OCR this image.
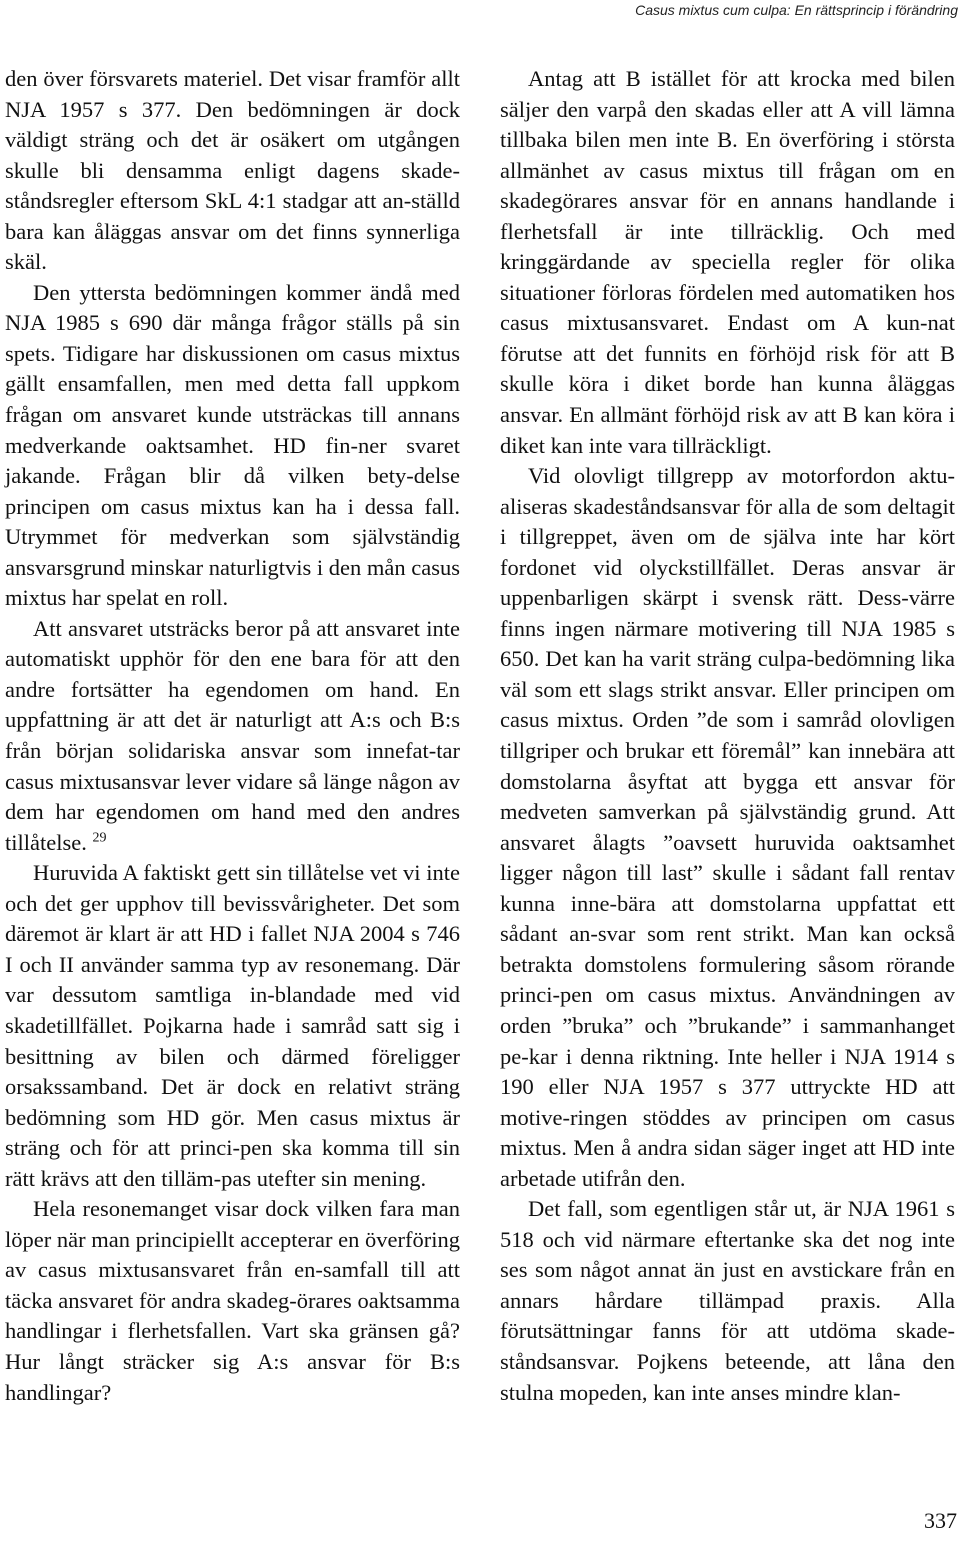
Casus mixtus cum culpa: En rättsprincip i förändring

den över försvarets materiel. Det visar framför allt NJA 1957 s 377. Den bedömningen är dock väldigt sträng och det är osäkert om utgången skulle bli densamma enligt dagens skade-ståndsregler eftersom SkL 4:1 stadgar att an-ställd bara kan åläggas ansvar om det finns synnerliga skäl.

Den yttersta bedömningen kommer ändå med NJA 1985 s 690 där många frågor ställs på sin spets. Tidigare har diskussionen om casus mixtus gällt ensamfallen, men med detta fall uppkom frågan om ansvaret kunde utsträckas till annans medverkande oaktsamhet. HD fin-ner svaret jakande. Frågan blir då vilken bety-delse principen om casus mixtus kan ha i dessa fall. Utrymmet för medverkan som självständig ansvarsgrund minskar naturligtvis i den mån casus mixtus har spelat en roll.

Att ansvaret utsträcks beror på att ansvaret inte automatiskt upphör för den ene bara för att den andre fortsätter ha egendomen om hand. En uppfattning är att det är naturligt att A:s och B:s från början solidariska ansvar som innefat-tar casus mixtusansvar lever vidare så länge någon av dem har egendomen om hand med den andres tillåtelse. $^{29}$

Huruvida A faktiskt gett sin tillåtelse vet vi inte och det ger upphov till bevissvårigheter. Det som däremot är klart är att HD i fallet NJA 2004 s 746 I och II använder samma typ av resonemang. Där var dessutom samtliga in-blandade med vid skadetillfället. Pojkarna hade i samråd satt sig i besittning av bilen och därmed föreligger orsakssamband. Det är dock en relativt sträng bedömning som HD gör. Men casus mixtus är sträng och för att princi-pen ska komma till sin rätt krävs att den tilläm-pas utefter sin mening.

Hela resonemanget visar dock vilken fara man löper när man principiellt accepterar en överföring av casus mixtusansvaret från en-samfall till att täcka ansvaret för andra skadeg-örares oaktsamma handlingar i flerhetsfallen. Vart ska gränsen gå? Hur långt sträcker sig A:s ansvar för B:s handlingar?

Antag att B istället för att krocka med bilen säljer den varpå den skadas eller att A vill lämna tillbaka bilen men inte B. En överföring i största allmänhet av casus mixtus till frågan om en skadegörares ansvar för en annans handlande i flerhetsfall är inte tillräcklig. Och med kringgärdande av speciella regler för olika situationer förloras fördelen med automatiken hos casus mixtusansvaret. Endast om A kun-nat förutse att det funnits en förhöjd risk för att B skulle köra i diket borde han kunna åläggas ansvar. En allmänt förhöjd risk av att B kan köra i diket kan inte vara tillräckligt.

Vid olovligt tillgrepp av motorfordon aktu-aliseras skadeståndsansvar för alla de som deltagit i tillgreppet, även om de själva inte har kört fordonet vid olyckstillfället. Deras ansvar är uppenbarligen skärpt i svensk rätt. Dess-värre finns ingen närmare motivering till NJA 1985 s 650. Det kan ha varit sträng culpa-bedömning lika väl som ett slags strikt ansvar. Eller principen om casus mixtus. Orden ”de som i samråd olovligen tillgriper och brukar ett föremål” kan innebära att domstolarna åsyftat att bygga ett ansvar för medveten samverkan på självständig grund. Att ansvaret ålagts ”oavsett huruvida oaktsamhet ligger någon till last” skulle i sådant fall rentav kunna inne-bära att domstolarna uppfattat ett sådant an-svar som rent strikt. Man kan också betrakta domstolens formulering såsom rörande princi-pen om casus mixtus. Användningen av orden ”bruka” och ”brukande” i sammanhanget pe-kar i denna riktning. Inte heller i NJA 1914 s 190 eller NJA 1957 s 377 uttryckte HD att motive-ringen stöddes av principen om casus mixtus. Men å andra sidan säger inget att HD inte arbetade utifrån den.

Det fall, som egentligen står ut, är NJA 1961 s 518 och vid närmare eftertanke ska det nog inte ses som något annat än just en avstickare från en annars hårdare tillämpad praxis. Alla förutsättningar fanns för att utdöma skade-ståndsansvar. Pojkens beteende, att låna den stulna mopeden, kan inte anses mindre klan-

337
